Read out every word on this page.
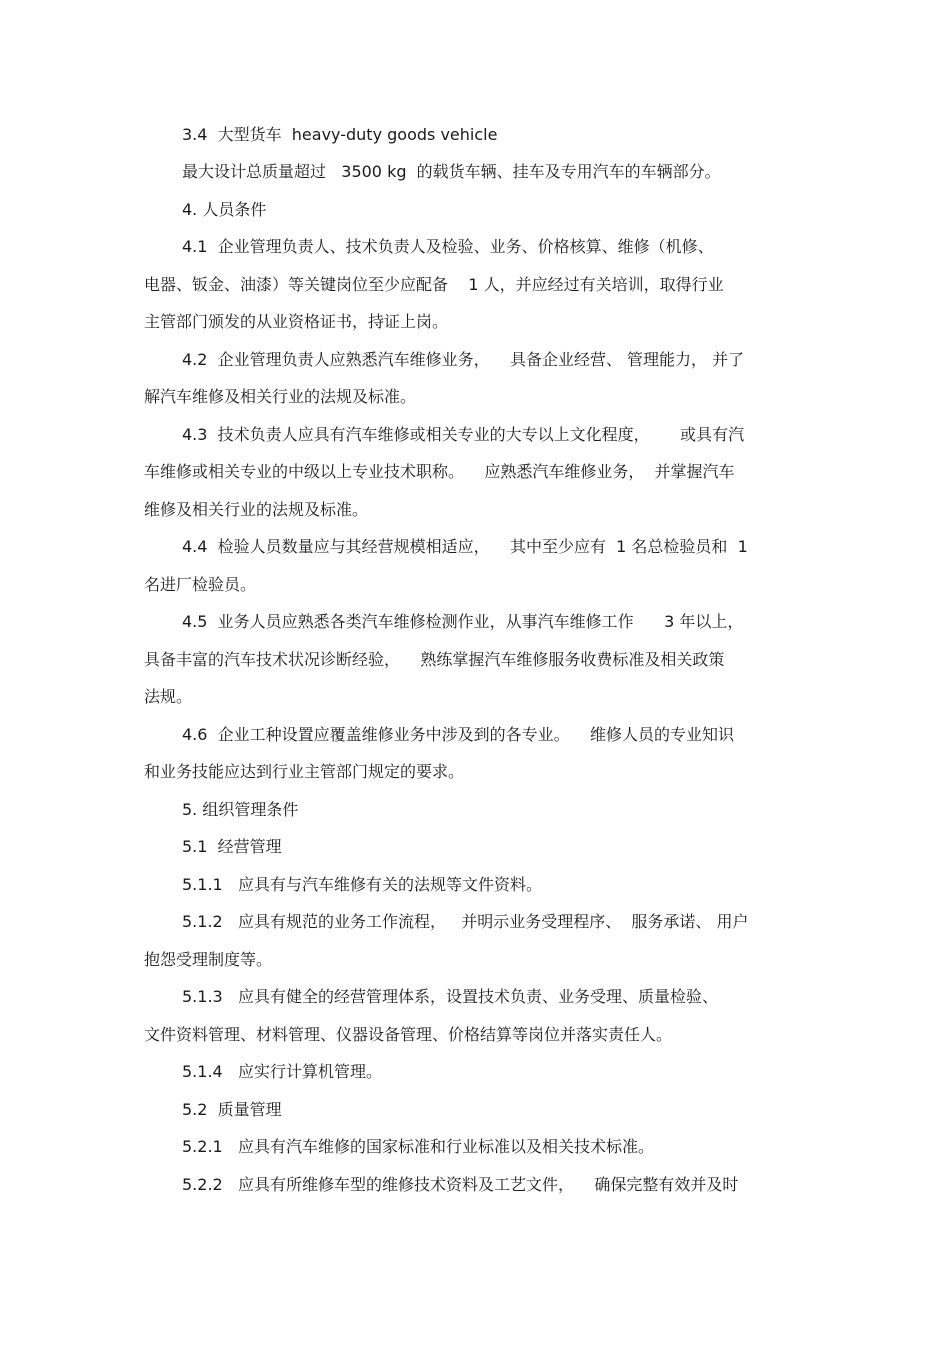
3.4  大型货车  heavy-duty goods vehicle
最大设计总质量超过   3500 kg  的载货车辆、挂车及专用汽车的车辆部分。
4. 人员条件
4.1  企业管理负责人、技术负责人及检验、业务、价格核算、维修（机修、
电器、钣金、油漆）等关键岗位至少应配备    1 人，并应经过有关培训，取得行业
主管部门颁发的从业资格证书，持证上岗。
4.2  企业管理负责人应熟悉汽车维修业务，    具备企业经营、 管理能力， 并了
解汽车维修及相关行业的法规及标准。
4.3  技术负责人应具有汽车维修或相关专业的大专以上文化程度，      或具有汽
车维修或相关专业的中级以上专业技术职称。    应熟悉汽车维修业务，  并掌握汽车
维修及相关行业的法规及标准。
4.4  检验人员数量应与其经营规模相适应，    其中至少应有  1 名总检验员和  1
名进厂检验员。
4.5  业务人员应熟悉各类汽车维修检测作业，从事汽车维修工作      3 年以上，
具备丰富的汽车技术状况诊断经验，    熟练掌握汽车维修服务收费标准及相关政策
法规。
4.6  企业工种设置应覆盖维修业务中涉及到的各专业。    维修人员的专业知识
和业务技能应达到行业主管部门规定的要求。
5. 组织管理条件
5.1  经营管理
5.1.1   应具有与汽车维修有关的法规等文件资料。
5.1.2   应具有规范的业务工作流程，   并明示业务受理程序、  服务承诺、 用户
抱怨受理制度等。
5.1.3   应具有健全的经营管理体系，设置技术负责、业务受理、质量检验、
文件资料管理、材料管理、仪器设备管理、价格结算等岗位并落实责任人。
5.1.4   应实行计算机管理。
5.2  质量管理
5.2.1   应具有汽车维修的国家标准和行业标准以及相关技术标准。
5.2.2   应具有所维修车型的维修技术资料及工艺文件，    确保完整有效并及时
